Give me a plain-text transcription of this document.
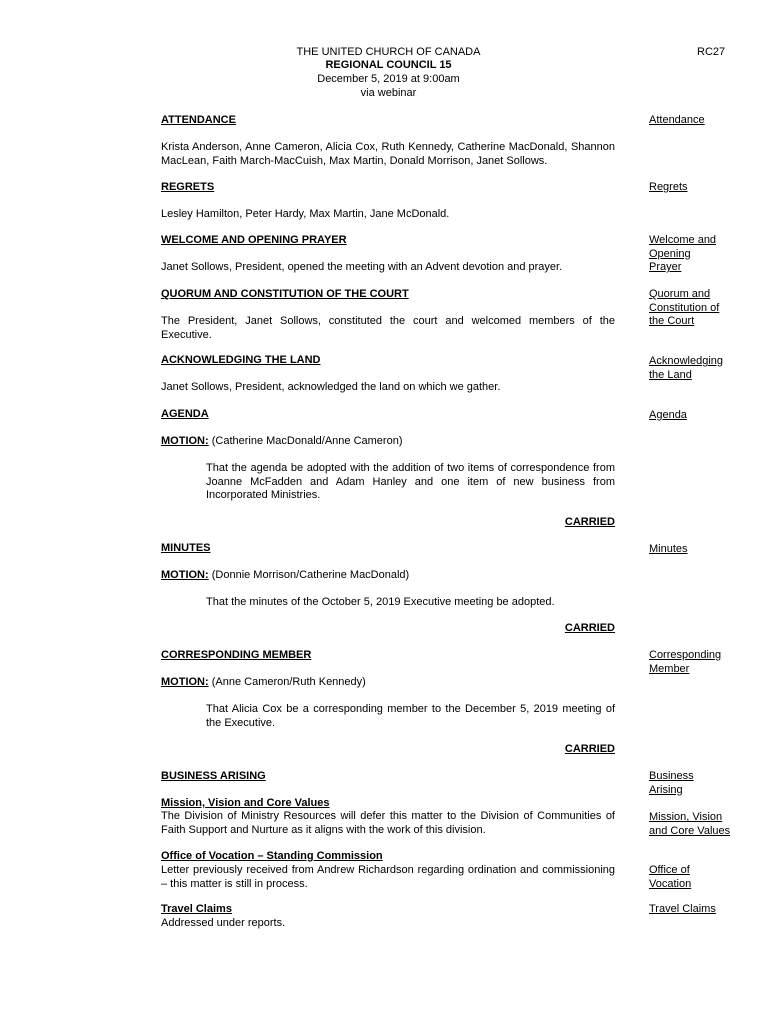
THE UNITED CHURCH OF CANADA
REGIONAL COUNCIL 15
December 5, 2019 at 9:00am
via webinar
RC27
ATTENDANCE	Attendance
Krista Anderson, Anne Cameron, Alicia Cox, Ruth Kennedy, Catherine MacDonald, Shannon MacLean, Faith March-MacCuish, Max Martin, Donald Morrison, Janet Sollows.
REGRETS	Regrets
Lesley Hamilton, Peter Hardy, Max Martin, Jane McDonald.
WELCOME AND OPENING PRAYER	Welcome and Opening Prayer
Janet Sollows, President, opened the meeting with an Advent devotion and prayer.
QUORUM AND CONSTITUTION OF THE COURT	Quorum and Constitution of the Court
The President, Janet Sollows, constituted the court and welcomed members of the Executive.
ACKNOWLEDGING THE LAND	Acknowledging the Land
Janet Sollows, President, acknowledged the land on which we gather.
AGENDA	Agenda
MOTION: (Catherine MacDonald/Anne Cameron)
That the agenda be adopted with the addition of two items of correspondence from Joanne McFadden and Adam Hanley and one item of new business from Incorporated Ministries.
CARRIED
MINUTES	Minutes
MOTION: (Donnie Morrison/Catherine MacDonald)
That the minutes of the October 5, 2019 Executive meeting be adopted.
CARRIED
CORRESPONDING MEMBER	Corresponding Member
MOTION: (Anne Cameron/Ruth Kennedy)
That Alicia Cox be a corresponding member to the December 5, 2019 meeting of the Executive.
CARRIED
BUSINESS ARISING	Business Arising
Mission, Vision and Core Values
The Division of Ministry Resources will defer this matter to the Division of Communities of Faith Support and Nurture as it aligns with the work of this division.
Mission, Vision and Core Values
Office of Vocation – Standing Commission
Letter previously received from Andrew Richardson regarding ordination and commissioning – this matter is still in process.
Office of Vocation
Travel Claims
Addressed under reports.
Travel Claims
